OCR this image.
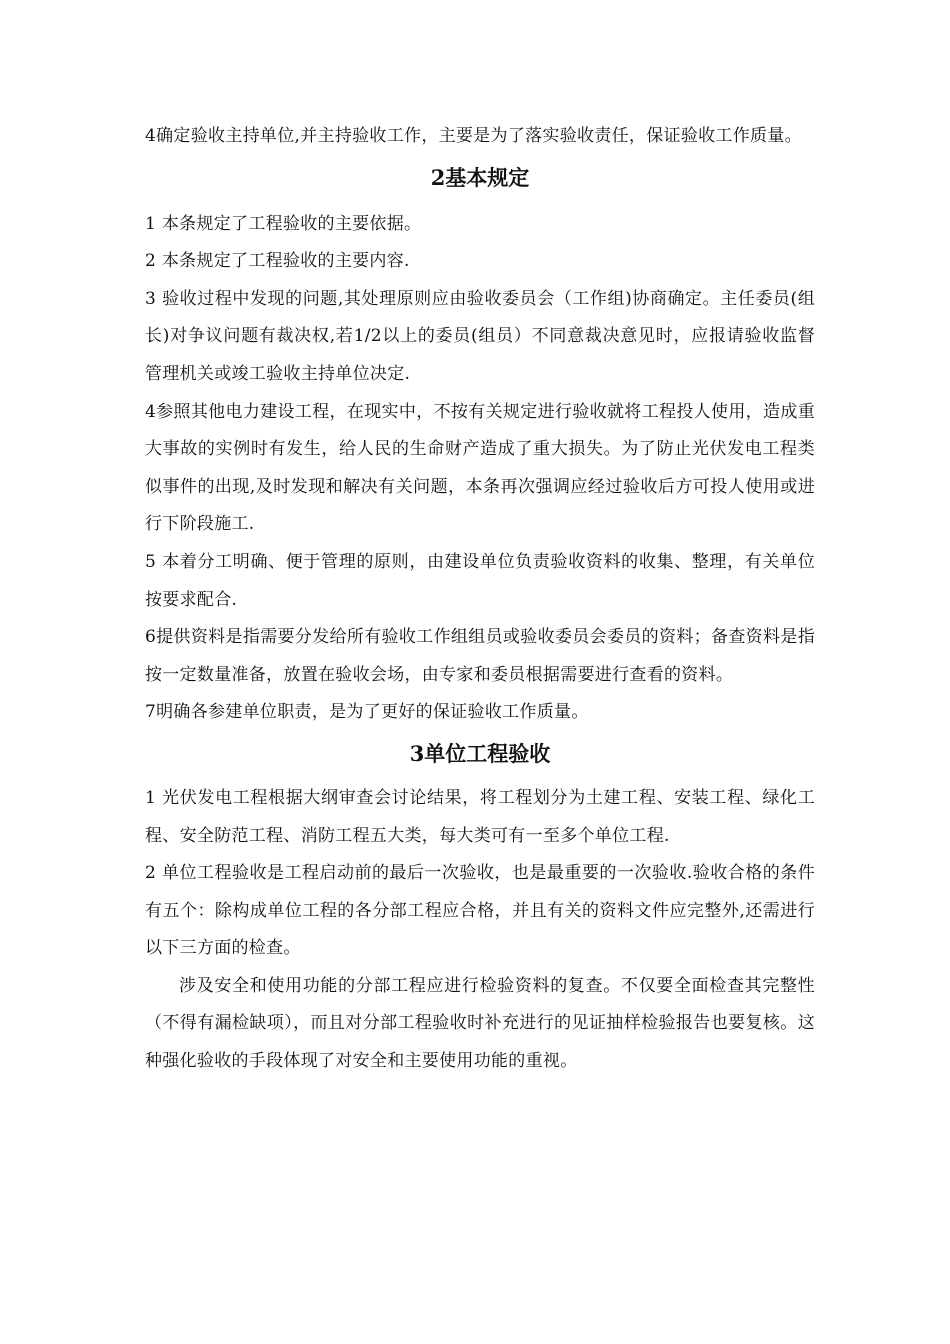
4确定验收主持单位,并主持验收工作，主要是为了落实验收责任，保证验收工作质量。

2基本规定

1 本条规定了工程验收的主要依据。

2 本条规定了工程验收的主要内容.

3 验收过程中发现的问题,其处理原则应由验收委员会（工作组)协商确定。主任委员(组长)对争议问题有裁决权,若1/2以上的委员(组员）不同意裁决意见时，应报请验收监督管理机关或竣工验收主持单位决定.

4参照其他电力建设工程，在现实中，不按有关规定进行验收就将工程投人使用，造成重大事故的实例时有发生，给人民的生命财产造成了重大损失。为了防止光伏发电工程类似事件的出现,及时发现和解决有关问题，本条再次强调应经过验收后方可投人使用或进行下阶段施工.

5 本着分工明确、便于管理的原则，由建设单位负责验收资料的收集、整理，有关单位按要求配合.

6提供资料是指需要分发给所有验收工作组组员或验收委员会委员的资料；备查资料是指按一定数量准备，放置在验收会场，由专家和委员根据需要进行查看的资料。

7明确各参建单位职责，是为了更好的保证验收工作质量。

3单位工程验收

1 光伏发电工程根据大纲审查会讨论结果，将工程划分为土建工程、安装工程、绿化工程、安全防范工程、消防工程五大类，每大类可有一至多个单位工程.

2 单位工程验收是工程启动前的最后一次验收，也是最重要的一次验收.验收合格的条件有五个：除构成单位工程的各分部工程应合格，并且有关的资料文件应完整外,还需进行以下三方面的检查。

涉及安全和使用功能的分部工程应进行检验资料的复查。不仅要全面检查其完整性（不得有漏检缺项），而且对分部工程验收时补充进行的见证抽样检验报告也要复核。这种强化验收的手段体现了对安全和主要使用功能的重视。
